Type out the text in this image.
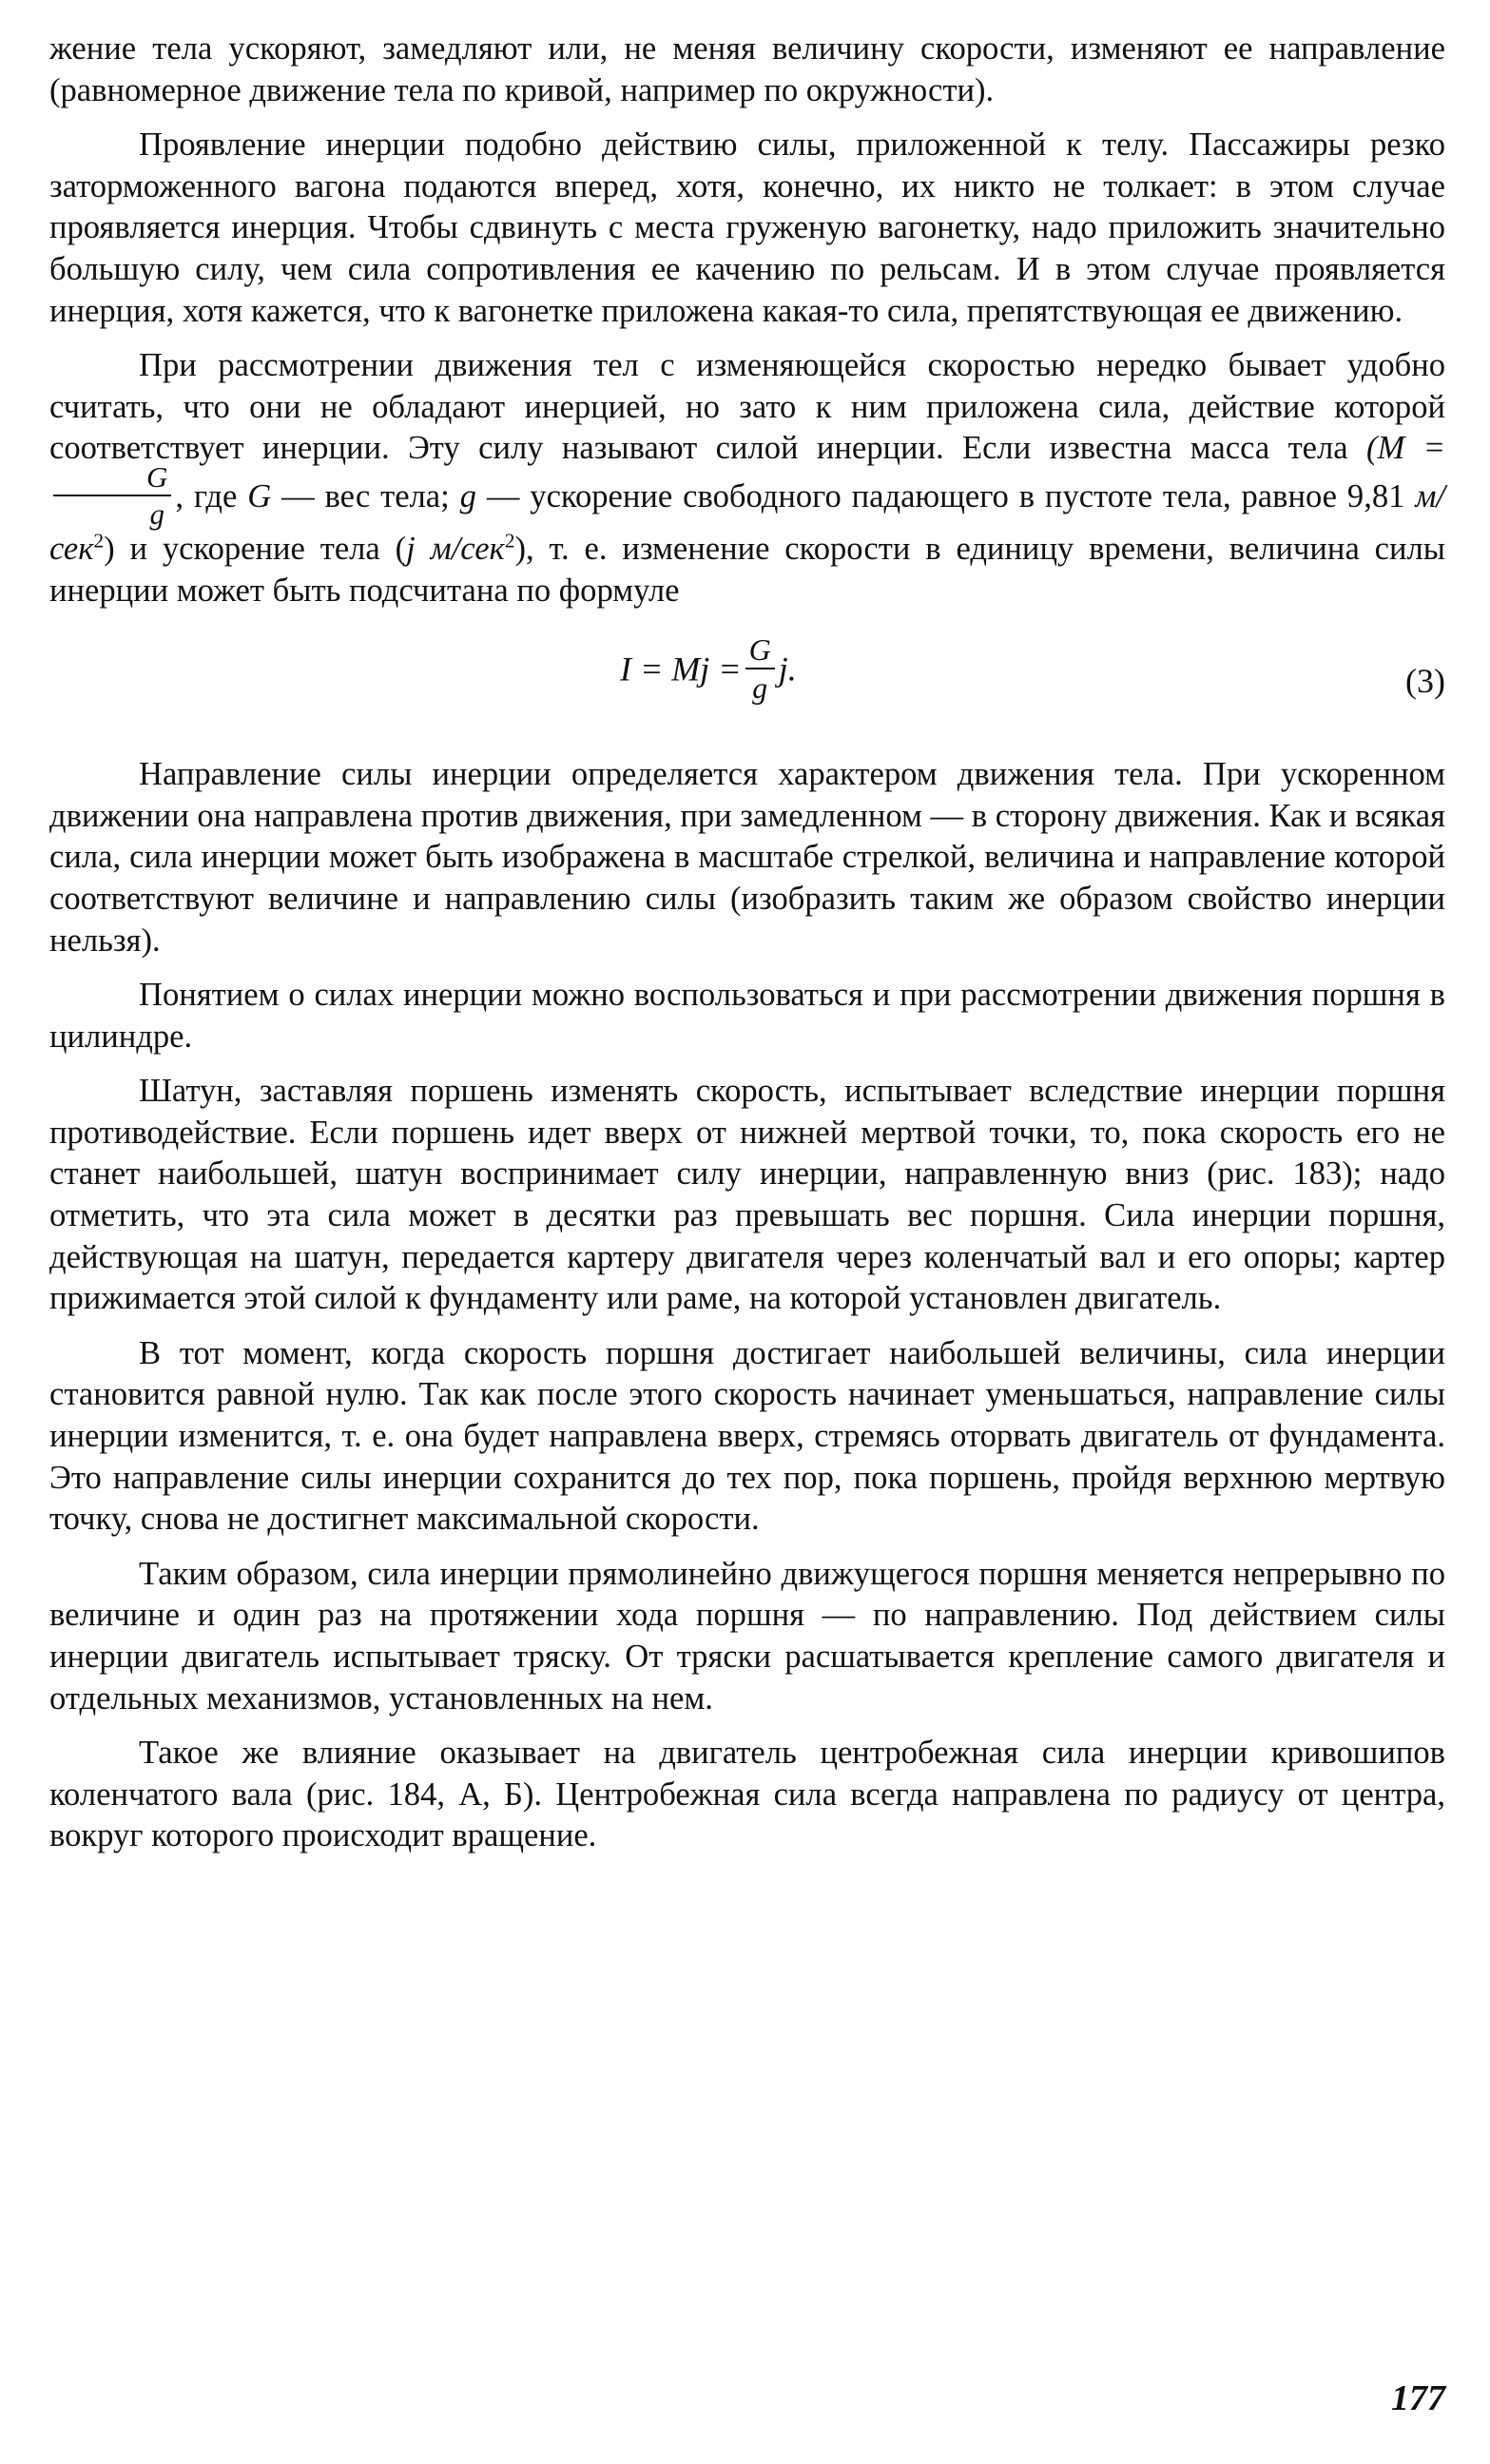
жение тела ускоряют, замедляют или, не меняя величину скорости, изменяют ее направление (равномерное движение тела по кривой, например по окружности).

Проявление инерции подобно действию силы, приложенной к телу. Пассажиры резко заторможенного вагона подаются вперед, хотя, конечно, их никто не толкает: в этом случае проявляется инерция. Чтобы сдвинуть с места груженую вагонетку, надо приложить значительно большую силу, чем сила сопротивления ее качению по рельсам. И в этом случае проявляется инерция, хотя кажется, что к вагонетке приложена какая-то сила, препятствующая ее движению.

При рассмотрении движения тел с изменяющейся скоростью нередко бывает удобно считать, что они не обладают инерцией, но зато к ним приложена сила, действие которой соответствует инерции. Эту силу называют силой инерции. Если известна масса тела (M =
$\frac{G}{g}$ , где G — вес тела; g — ускорение свободного падающего в пустоте тела, равное 9,81 м/сек$^2$) и ускорение тела (j м/сек$^2$), т. е. изменение скорости в единицу времени, величина силы инерции может быть подсчитана по формуле

$I = Mj = \frac{G}{g} j$.	(3)

Направление силы инерции определяется характером движения тела. При ускоренном движении она направлена против движения, при замедленном — в сторону движения. Как и всякая сила, сила инерции может быть изображена в масштабе стрелкой, величина и направление которой соответствуют величине и направлению силы (изобразить таким же образом свойство инерции нельзя).

Понятием о силах инерции можно воспользоваться и при рассмотрении движения поршня в цилиндре.

Шатун, заставляя поршень изменять скорость, испытывает вследствие инерции поршня противодействие. Если поршень идет вверх от нижней мертвой точки, то, пока скорость его не станет наибольшей, шатун воспринимает силу инерции, направленную вниз (рис. 183); надо отметить, что эта сила может в десятки раз превышать вес поршня. Сила инерции поршня, действующая на шатун, передается картеру двигателя через коленчатый вал и его опоры; картер прижимается этой силой к фундаменту или раме, на которой установлен двигатель.

В тот момент, когда скорость поршня достигает наибольшей величины, сила инерции становится равной нулю. Так как после этого скорость начинает уменьшаться, направление силы инерции изменится, т. е. она будет направлена вверх, стремясь оторвать двигатель от фундамента. Это направление силы инерции сохранится до тех пор, пока поршень, пройдя верхнюю мертвую точку, снова не достигнет максимальной скорости.

Таким образом, сила инерции прямолинейно движущегося поршня меняется непрерывно по величине и один раз на протяжении хода поршня — по направлению. Под действием силы инерции двигатель испытывает тряску. От тряски расшатывается крепление самого двигателя и отдельных механизмов, установленных на нем.

Такое же влияние оказывает на двигатель центробежная сила инерции кривошипов коленчатого вала (рис. 184, А, Б). Центробежная сила всегда направлена по радиусу от центра, вокруг которого происходит вращение.

177
